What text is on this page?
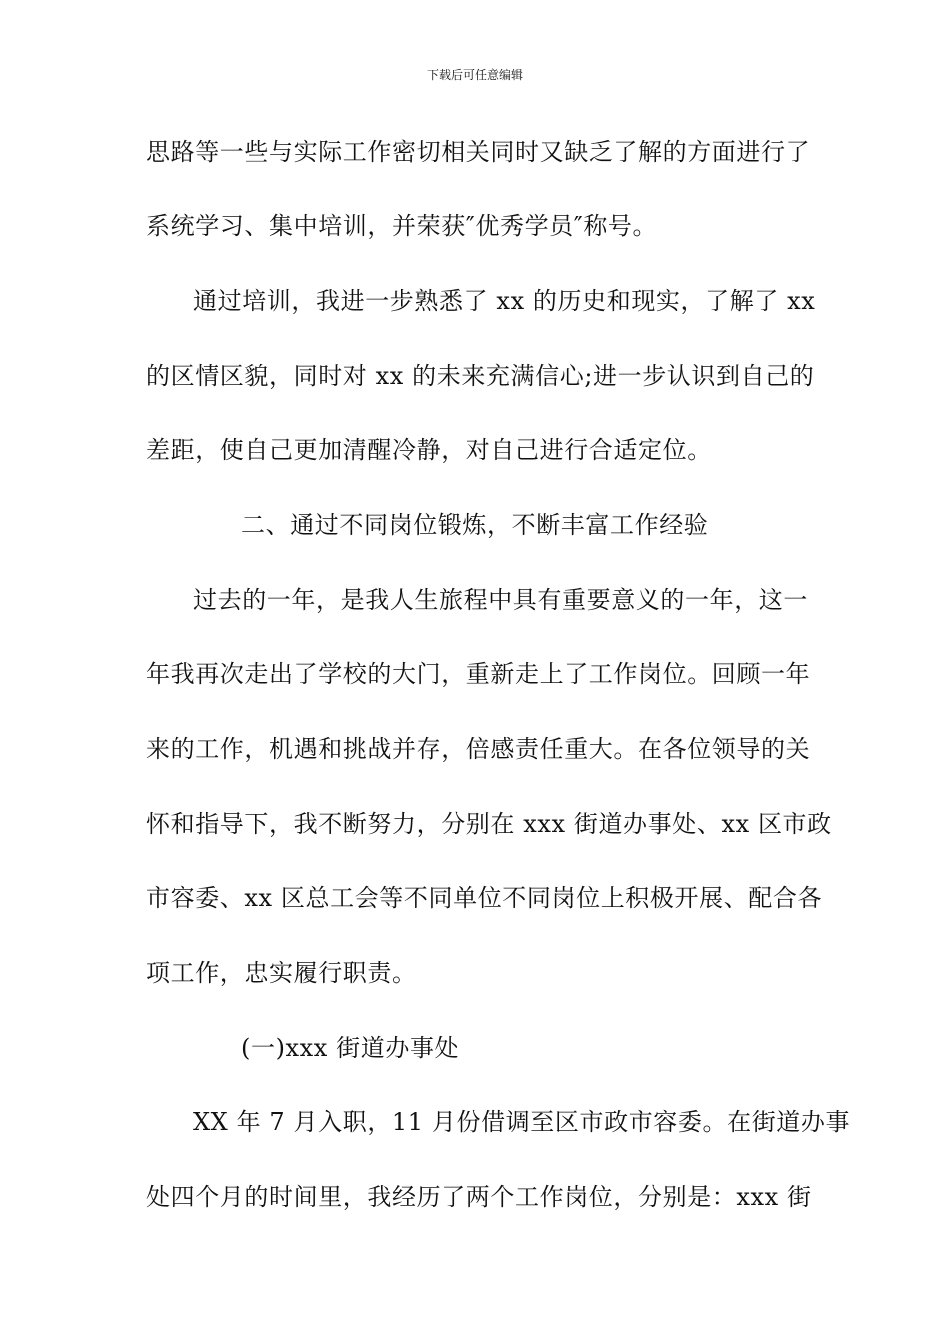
下载后可任意编辑
思路等一些与实际工作密切相关同时又缺乏了解的方面进行了
系统学习、集中培训，并荣获″优秀学员″称号。
通过培训，我进一步熟悉了 xx 的历史和现实，了解了 xx
的区情区貌，同时对 xx 的未来充满信心;进一步认识到自己的
差距，使自己更加清醒冷静，对自己进行合适定位。
二、通过不同岗位锻炼，不断丰富工作经验
过去的一年，是我人生旅程中具有重要意义的一年，这一
年我再次走出了学校的大门，重新走上了工作岗位。回顾一年
来的工作，机遇和挑战并存，倍感责任重大。在各位领导的关
怀和指导下，我不断努力，分别在 xxx 街道办事处、xx 区市政
市容委、xx 区总工会等不同单位不同岗位上积极开展、配合各
项工作，忠实履行职责。
(一)xxx 街道办事处
XX 年 7 月入职，11 月份借调至区市政市容委。在街道办事
处四个月的时间里，我经历了两个工作岗位，分别是：xxx 街
